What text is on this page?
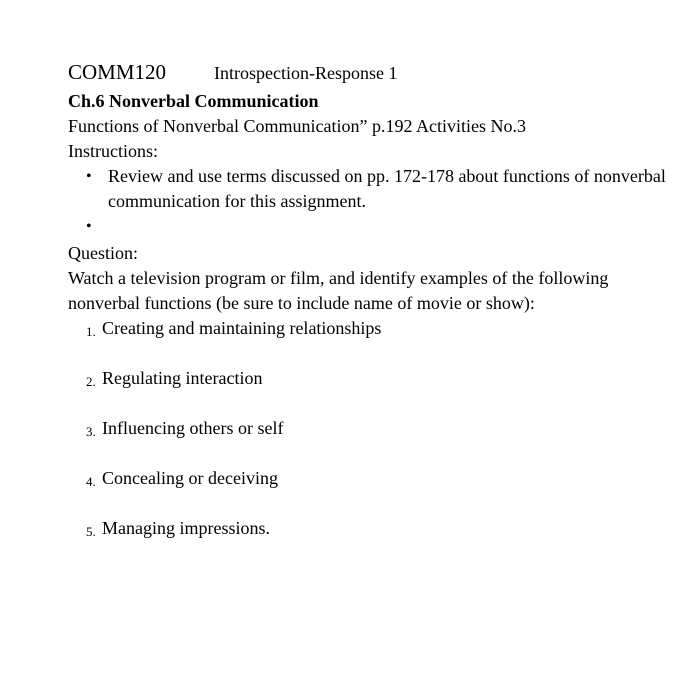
COMM120	Introspection-Response 1
Ch.6 Nonverbal Communication
Functions of Nonverbal Communication” p.192 Activities No.3
Instructions:
• Review and use terms discussed on pp. 172-178 about functions of nonverbal communication for this assignment.
•

Question:
Watch a television program or film, and identify examples of the following nonverbal functions (be sure to include name of movie or show):
1. Creating and maintaining relationships
2. Regulating interaction
3. Influencing others or self
4. Concealing or deceiving
5. Managing impressions.
